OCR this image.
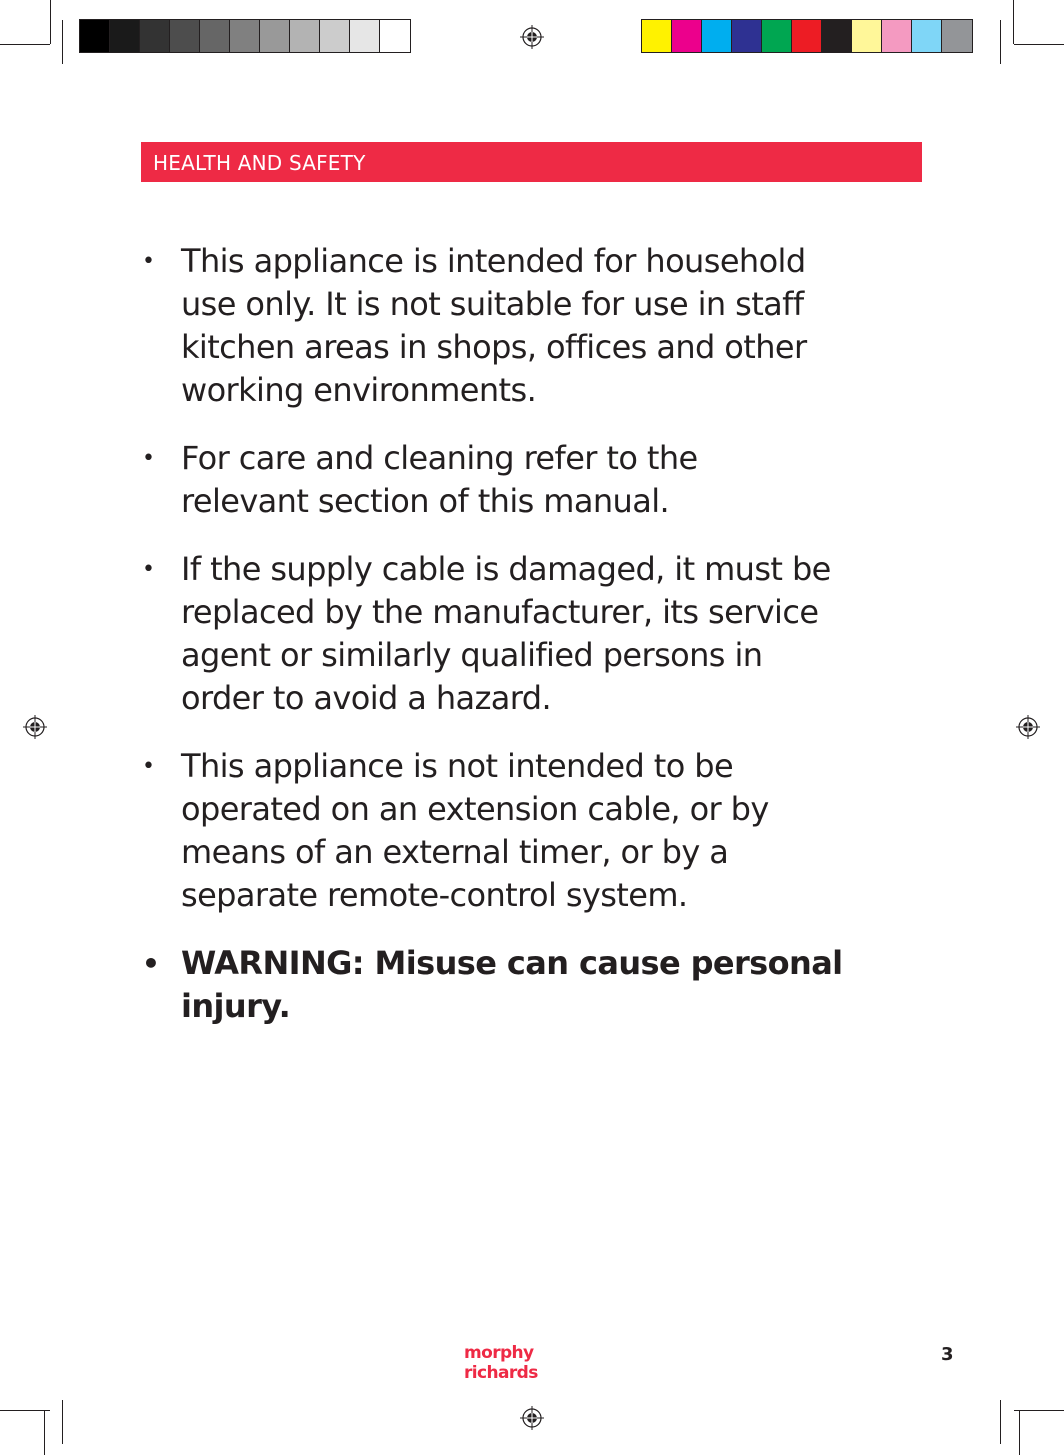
HEALTH AND SAFETY
• This appliance is intended for household
use only. It is not suitable for use in staff
kitchen areas in shops, offices and other
working environments.
• For care and cleaning refer to the
relevant section of this manual.
• If the supply cable is damaged, it must be
replaced by the manufacturer, its service
agent or similarly qualified persons in
order to avoid a hazard.
• This appliance is not intended to be
operated on an extension cable, or by
means of an external timer, or by a
separate remote-control system.
• WARNING: Misuse can cause personal
injury.
morphy richards
3
